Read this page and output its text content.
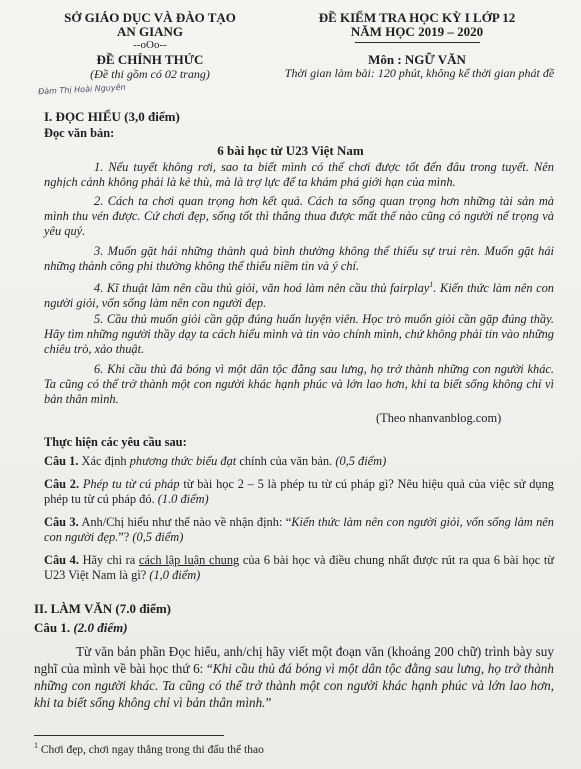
SỞ GIÁO DỤC VÀ ĐÀO TẠO
AN GIANG
--oOo--
ĐỀ CHÍNH THỨC
(Đề thi gồm có 02 trang)
Đàm Thị Hoài Nguyên
ĐỀ KIỂM TRA HỌC KỲ I LỚP 12
NĂM HỌC 2019 – 2020
Môn : NGỮ VĂN
Thời gian làm bài: 120 phút, không kể thời gian phát đề
I. ĐỌC HIỂU (3,0 điểm)
Đọc văn bản:
6 bài học từ U23 Việt Nam
1. Nếu tuyết không rơi, sao ta biết mình có thể chơi được tốt đến đâu trong tuyết. Nên nghịch cảnh không phải là kẻ thù, mà là trợ lực để ta khám phá giới hạn của mình.
2. Cách ta chơi quan trọng hơn kết quả. Cách ta sống quan trọng hơn những tài sản mà mình thu vén được. Cứ chơi đẹp, sống tốt thì thắng thua được mất thế nào cũng có người nể trọng và yêu quý.
3. Muốn gặt hái những thành quả bình thường không thể thiếu sự trui rèn. Muốn gặt hái những thành công phi thường không thể thiếu niềm tin và ý chí.
4. Kĩ thuật làm nên cầu thủ giỏi, văn hoá làm nên cầu thủ fairplay$^1$. Kiến thức làm nên con người giỏi, vốn sống làm nên con người đẹp.
5. Cầu thủ muốn giỏi cần gặp đúng huấn luyện viên. Học trò muốn giỏi cần gặp đúng thầy. Hãy tìm những người thầy dạy ta cách hiểu mình và tin vào chính mình, chứ không phải tin vào những chiêu trò, xảo thuật.
6. Khi cầu thủ đá bóng vì một dân tộc đằng sau lưng, họ trở thành những con người khác. Ta cũng có thể trở thành một con người khác hạnh phúc và lớn lao hơn, khi ta biết sống không chỉ vì bản thân mình.
(Theo nhanvanblog.com)
Thực hiện các yêu cầu sau:
Câu 1. Xác định phương thức biểu đạt chính của văn bản. (0,5 điểm)
Câu 2. Phép tu từ cú pháp từ bài học 2 – 5 là phép tu từ cú pháp gì? Nêu hiệu quả của việc sử dụng phép tu từ cú pháp đó. (1.0 điểm)
Câu 3. Anh/Chị hiểu như thế nào về nhận định: “Kiến thức làm nên con người giỏi, vốn sống làm nên con người đẹp.”? (0,5 điểm)
Câu 4. Hãy chỉ ra cách lập luận chung của 6 bài học và điều chung nhất được rút ra qua 6 bài học từ U23 Việt Nam là gì? (1,0 điểm)
II. LÀM VĂN (7.0 điểm)
Câu 1. (2.0 điểm)
Từ văn bản phần Đọc hiểu, anh/chị hãy viết một đoạn văn (khoảng 200 chữ) trình bày suy nghĩ của mình về bài học thứ 6: “Khi cầu thủ đá bóng vì một dân tộc đằng sau lưng, họ trở thành những con người khác. Ta cũng có thể trở thành một con người khác hạnh phúc và lớn lao hơn, khi ta biết sống không chỉ vì bản thân mình.”
$^1$ Chơi đẹp, chơi ngay thẳng trong thi đấu thể thao
